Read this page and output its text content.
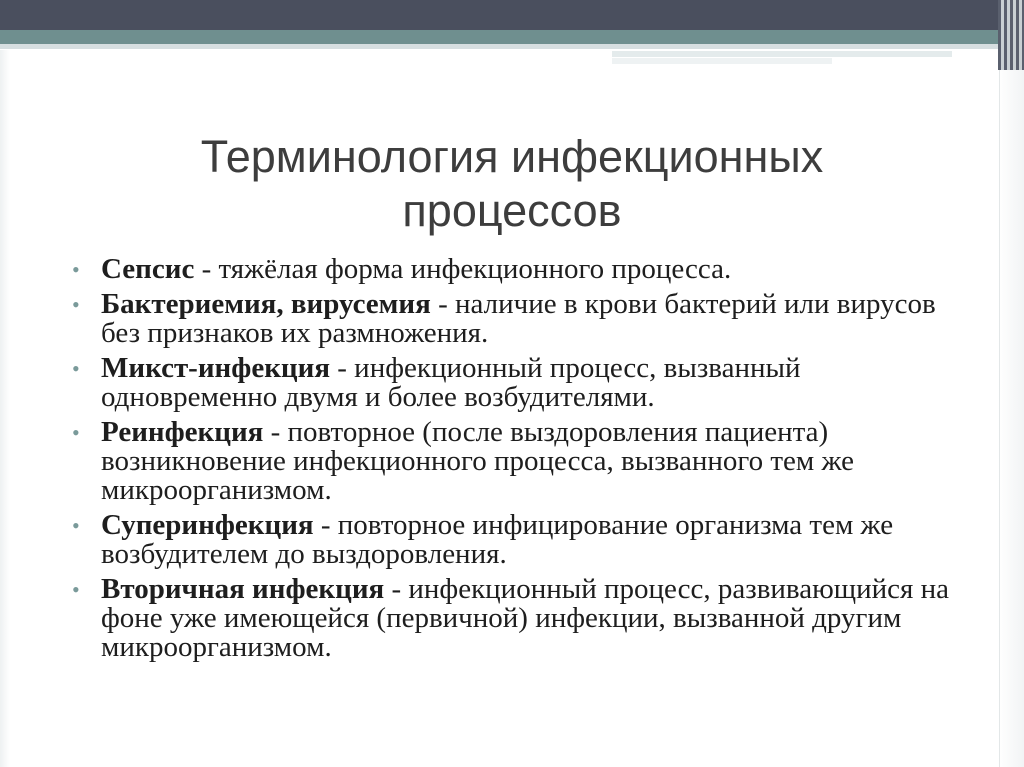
Терминология инфекционных процессов
• Сепсис - тяжёлая форма инфекционного процесса.
• Бактериемия, вирусемия - наличие в крови бактерий или вирусов без признаков их размножения.
• Микст-инфекция - инфекционный процесс, вызванный одновременно двумя и более возбудителями.
• Реинфекция - повторное (после выздоровления пациента) возникновение инфекционного процесса, вызванного тем же микроорганизмом.
• Суперинфекция - повторное инфицирование организма тем же возбудителем до выздоровления.
• Вторичная инфекция - инфекционный процесс, развивающийся на фоне уже имеющейся (первичной) инфекции, вызванной другим микроорганизмом.
